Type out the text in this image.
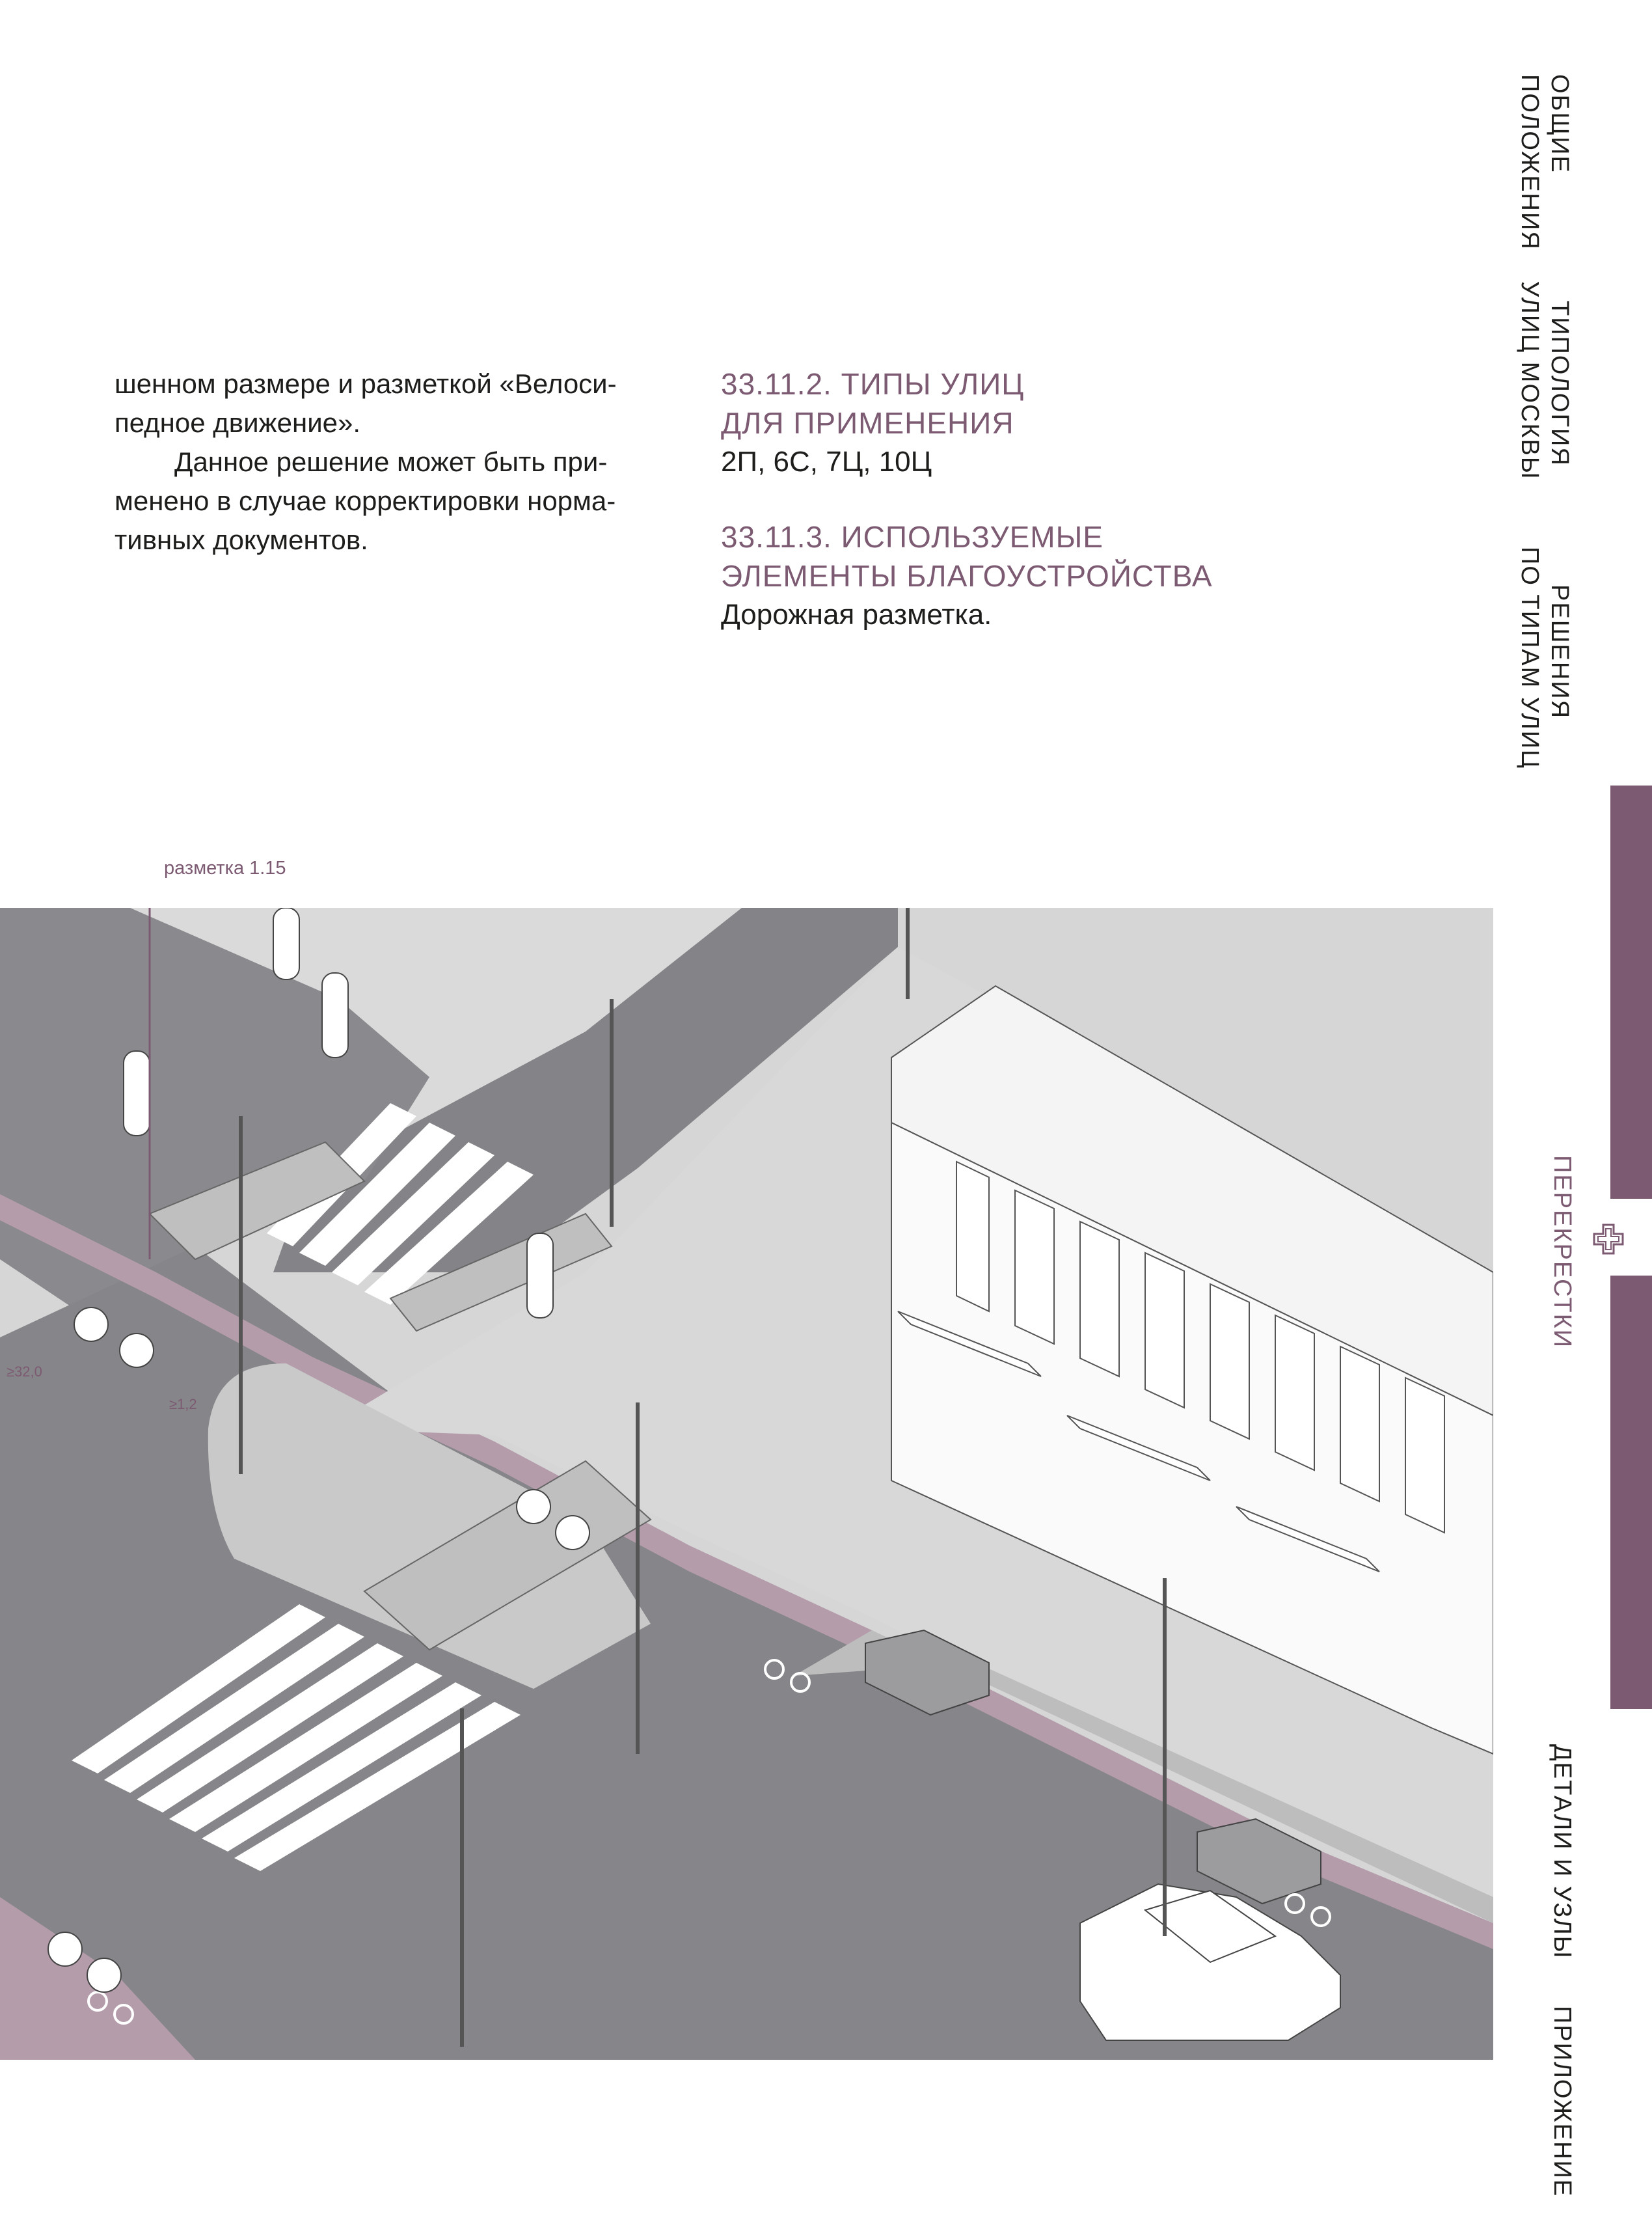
шенном размере и разметкой «Велоси-

педное движение».

Данное решение может быть при-

менено в случае корректировки норма-

тивных документов.

33.11.2. ТИПЫ УЛИЦ
ДЛЯ ПРИМЕНЕНИЯ
2П, 6С, 7Ц, 10Ц
33.11.3. ИСПОЛЬЗУЕМЫЕ
ЭЛЕМЕНТЫ БЛАГОУСТРОЙСТВА
Дорожная разметка.
ОБЩИЕ
ПОЛОЖЕНИЯ
ТИПОЛОГИЯ
УЛИЦ МОСКВЫ
РЕШЕНИЯ
ПО ТИПАМ УЛИЦ
ПЕРЕКРЕСТКИ
ДЕТАЛИ И УЗЛЫ
ПРИЛОЖЕНИЕ
разметка 1.15
≥32,0
≥1,2
